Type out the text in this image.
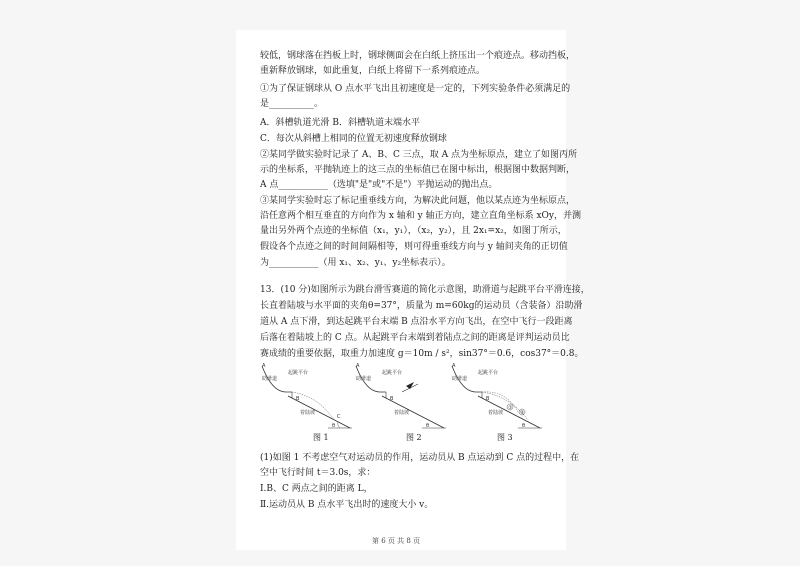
较低，钢球落在挡板上时，钢球侧面会在白纸上挤压出一个痕迹点。移动挡板，
重新释放钢球，如此重复，白纸上将留下一系列痕迹点。
①为了保证钢球从 O 点水平飞出且初速度是一定的，下列实验条件必须满足的
是__________。
A．斜槽轨道光滑 B．斜槽轨道末端水平
C．每次从斜槽上相同的位置无初速度释放钢球
②某同学做实验时记录了 A、B、C 三点，取 A 点为坐标原点，建立了如图丙所
示的坐标系，平抛轨迹上的这三点的坐标值已在图中标出，根据图中数据判断，
A 点___________（选填"是"或"不是"）平抛运动的抛出点。
③某同学实验时忘了标记重垂线方向，为解决此问题，他以某点迹为坐标原点，
沿任意两个相互垂直的方向作为 x 轴和 y 轴正方向，建立直角坐标系 xOy，并测
量出另外两个点迹的坐标值（x₁，y₁），（x₂，y₂），且 2x₁=x₂，如图丁所示，
假设各个点迹之间的时间间隔相等，则可得重垂线方向与 y 轴间夹角的正切值
为___________（用 x₁、x₂、y₁、y₂坐标表示）。
13．(10 分)如图所示为跳台滑雪赛道的简化示意图，助滑道与起跳平台平滑连接，
长直着陆坡与水平面的夹角θ=37°，质量为 m=60kg的运动员（含装备）沿助滑
道从 A 点下滑，到达起跳平台末端 B 点沿水平方向飞出，在空中飞行一段距离
后落在着陆坡上的 C 点。从起跳平台末端到着陆点之间的距离是评判运动员比
赛成绩的重要依据，取重力加速度 g＝10m / s²，sin37°＝0.6，cos37°＝0.8。
A
助滑道
起跳平台
B
着陆坡
C
θ
图 1
A
助滑道
起跳平台
B
着陆坡
θ
图 2
A
助滑道
起跳平台
B
着陆坡
①
②
θ
图 3
(1)如图 1 不考虑空气对运动员的作用，运动员从 B 点运动到 C 点的过程中，在
空中飞行时间 t＝3.0s，求：
Ⅰ.B、C 两点之间的距离 L，
Ⅱ.运动员从 B 点水平飞出时的速度大小 v。
第 6 页 共 8 页
